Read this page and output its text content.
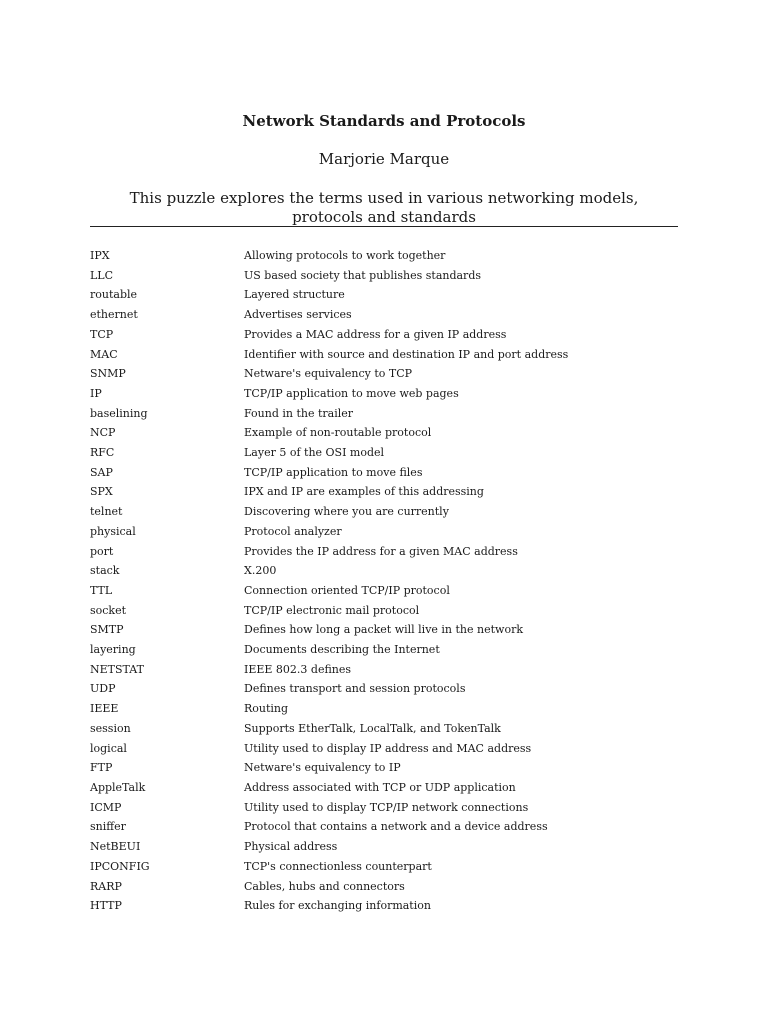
Network Standards and Protocols

Marjorie Marque

This puzzle explores the terms used in various networking models, protocols and standards

IPX	Allowing protocols to work together
LLC	US based society that publishes standards
routable	Layered structure
ethernet	Advertises services
TCP	Provides a MAC address for a given IP address
MAC	Identifier with source and destination IP and port address
SNMP	Netware's equivalency to TCP
IP	TCP/IP application to move web pages
baselining	Found in the trailer
NCP	Example of non-routable protocol
RFC	Layer 5 of the OSI model
SAP	TCP/IP application to move files
SPX	IPX and IP are examples of this addressing
telnet	Discovering where you are currently
physical	Protocol analyzer
port	Provides the IP address for a given MAC address
stack	X.200
TTL	Connection oriented TCP/IP protocol
socket	TCP/IP electronic mail protocol
SMTP	Defines how long a packet will live in the network
layering	Documents describing the Internet
NETSTAT	IEEE 802.3 defines
UDP	Defines transport and session protocols
IEEE	Routing
session	Supports EtherTalk, LocalTalk, and TokenTalk
logical	Utility used to display IP address and MAC address
FTP	Netware's equivalency to IP
AppleTalk	Address associated with TCP or UDP application
ICMP	Utility used to display TCP/IP network connections
sniffer	Protocol that contains a network and a device address
NetBEUI	Physical address
IPCONFIG	TCP's connectionless counterpart
RARP	Cables, hubs and connectors
HTTP	Rules for exchanging information
